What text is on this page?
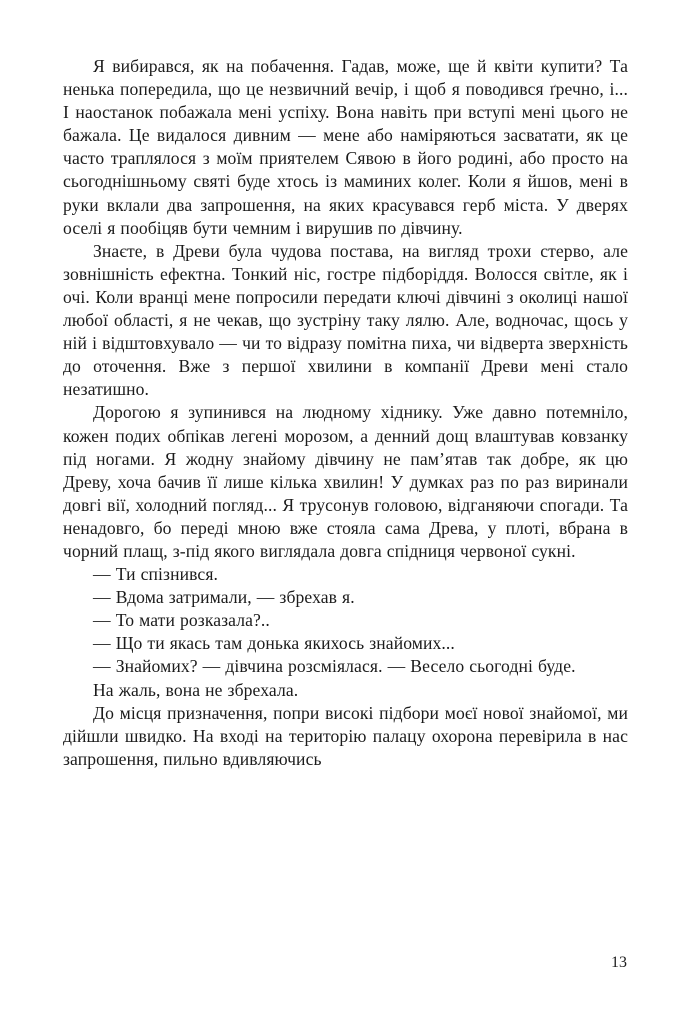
Я вибирався, як на побачення. Гадав, може, ще й квіти купити? Та ненька попередила, що це незвичний вечір, і щоб я поводився ґречно, і... І наостанок побажала мені успіху. Вона навіть при вступі мені цього не бажала. Це видалося дивним — мене або наміряються засватати, як це часто траплялося з моїм приятелем Сявою в його родині, або просто на сьогоднішньому святі буде хтось із маминих колег. Коли я йшов, мені в руки вклали два запрошення, на яких красувався герб міста. У дверях оселі я пообіцяв бути чемним і вирушив по дівчину.

Знаєте, в Древи була чудова постава, на вигляд трохи стерво, але зовнішність ефектна. Тонкий ніс, гостре підборіддя. Волосся світле, як і очі. Коли вранці мене попросили передати ключі дівчині з околиці нашої любої області, я не чекав, що зустріну таку лялю. Але, водночас, щось у ній і відштовхувало — чи то відразу помітна пиха, чи відверта зверхність до оточення. Вже з першої хвилини в компанії Древи мені стало незатишно.

Дорогою я зупинився на людному хіднику. Уже давно потемніло, кожен подих обпікав легені морозом, а денний дощ влаштував ковзанку під ногами. Я жодну знайому дівчину не пам’ятав так добре, як цю Древу, хоча бачив її лише кілька хвилин! У думках раз по раз виринали довгі вії, холодний погляд... Я трусонув головою, відганяючи спогади. Та ненадовго, бо переді мною вже стояла сама Древа, у плоті, вбрана в чорний плащ, з-під якого виглядала довга спідниця червоної сукні.

— Ти спізнився.

— Вдома затримали, — збрехав я.

— То мати розказала?..

— Що ти якась там донька якихось знайомих...

— Знайомих? — дівчина розсміялася. — Весело сьогодні буде.

На жаль, вона не збрехала.

До місця призначення, попри високі підбори моєї нової знайомої, ми дійшли швидко. На вході на територію палацу охорона перевірила в нас запрошення, пильно вдивляючись

13
